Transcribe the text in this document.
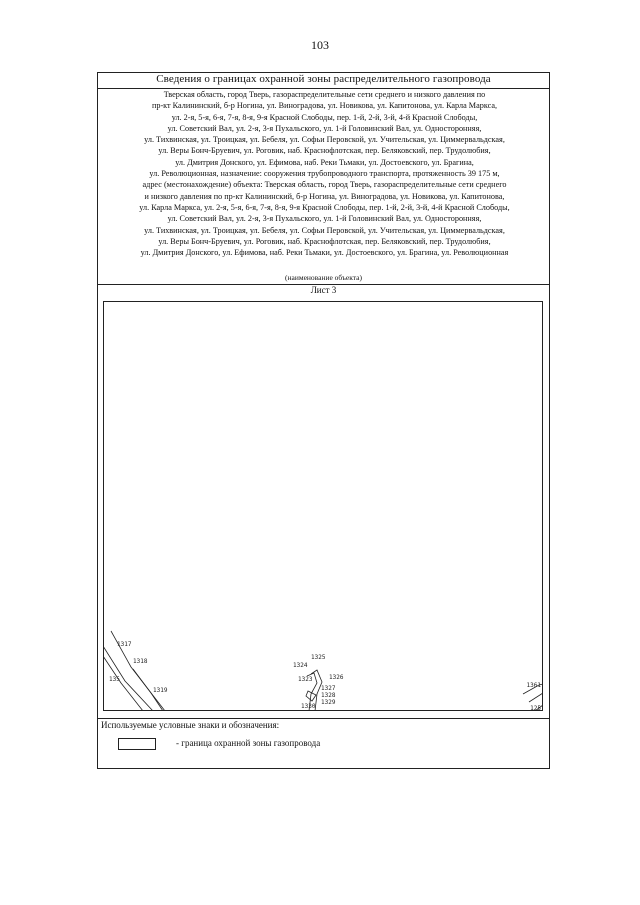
103
Сведения о границах охранной зоны распределительного газопровода
Тверская область, город Тверь, газораспределительные сети среднего и низкого давления по
пр-кт Калининский, б-р Ногина, ул. Виноградова, ул. Новикова, ул. Капитонова, ул. Карла Маркса,
ул. 2-я, 5-я, 6-я, 7-я, 8-я, 9-я Красной Слободы, пер. 1-й, 2-й, 3-й, 4-й Красной Слободы,
ул. Советский Вал, ул. 2-я, 3-я Пухальского, ул. 1-й Головинский Вал, ул. Односторонняя,
ул. Тихвинская, ул. Троицкая, ул. Бебеля, ул. Софьи Перовской, ул. Учительская, ул. Циммервальдская,
ул. Веры Бонч-Бруевич, ул. Роговик, наб. Краснофлотская, пер. Беляковский, пер. Трудолюбия,
ул. Дмитрия Донского, ул. Ефимова, наб. Реки Тьмаки, ул. Достоевского, ул. Брагина,
ул. Революционная, назначение: сооружения трубопроводного транспорта, протяженность 39 175 м,
адрес (местонахождение) объекта: Тверская область, город Тверь, газораспределительные сети среднего
и низкого давления по пр-кт Калининский, б-р Ногина, ул. Виноградова, ул. Новикова, ул. Капитонова,
ул. Карла Маркса, ул. 2-я, 5-я, 6-я, 7-я, 8-я, 9-я Красной Слободы, пер. 1-й, 2-й, 3-й, 4-й Красной Слободы,
ул. Советский Вал, ул. 2-я, 3-я Пухальского, ул. 1-й Головинский Вал, ул. Односторонняя,
ул. Тихвинская, ул. Троицкая, ул. Бебеля, ул. Софьи Перовской, ул. Учительская, ул. Циммервальдская,
ул. Веры Бонч-Бруевич, ул. Роговик, наб. Краснофлотская, пер. Беляковский, пер. Трудолюбия,
ул. Дмитрия Донского, ул. Ефимова, наб. Реки Тьмаки, ул. Достоевского, ул. Брагина, ул. Революционная
(наименование объекта)
Лист 3
1317
1318
135
1319
1325
1324
1323	1326
1327
1328
1329
1330
1361
125
Используемые условные знаки и обозначения:
- граница охранной зоны газопровода
